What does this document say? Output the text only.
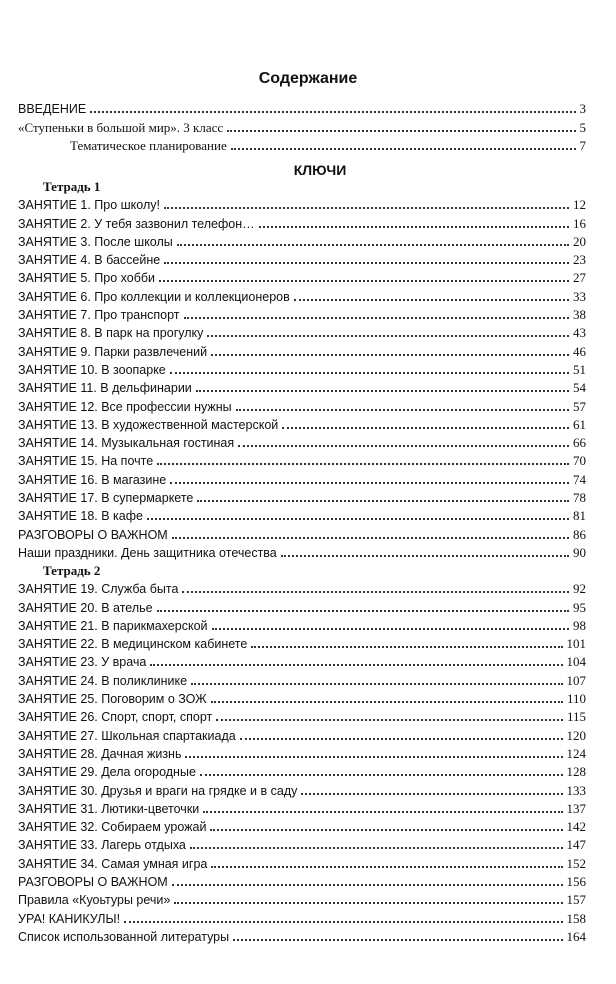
Содержание
ВВЕДЕНИЕ	3
«Ступеньки в большой мир». 3 класс	5
Тематическое планирование	7
КЛЮЧИ
Тетрадь 1
ЗАНЯТИЕ 1. Про школу!	12
ЗАНЯТИЕ 2. У тебя зазвонил телефон…	16
ЗАНЯТИЕ 3. После школы	20
ЗАНЯТИЕ 4. В бассейне	23
ЗАНЯТИЕ 5. Про хобби	27
ЗАНЯТИЕ 6. Про коллекции и коллекционеров	33
ЗАНЯТИЕ 7. Про транспорт	38
ЗАНЯТИЕ 8. В парк на прогулку	43
ЗАНЯТИЕ 9. Парки развлечений	46
ЗАНЯТИЕ 10. В зоопарке	51
ЗАНЯТИЕ 11. В дельфинарии	54
ЗАНЯТИЕ 12. Все профессии нужны	57
ЗАНЯТИЕ 13. В художественной мастерской	61
ЗАНЯТИЕ 14. Музыкальная гостиная	66
ЗАНЯТИЕ 15. На почте	70
ЗАНЯТИЕ 16. В магазине	74
ЗАНЯТИЕ 17. В супермаркете	78
ЗАНЯТИЕ 18. В кафе	81
РАЗГОВОРЫ О ВАЖНОМ	86
Наши праздники. День защитника отечества	90
Тетрадь 2
ЗАНЯТИЕ 19. Служба быта	92
ЗАНЯТИЕ 20. В ателье	95
ЗАНЯТИЕ 21. В парикмахерской	98
ЗАНЯТИЕ 22. В медицинском кабинете	101
ЗАНЯТИЕ 23. У врача	104
ЗАНЯТИЕ 24. В поликлинике	107
ЗАНЯТИЕ 25. Поговорим о ЗОЖ	110
ЗАНЯТИЕ 26. Спорт, спорт, спорт	115
ЗАНЯТИЕ 27. Школьная спартакиада	120
ЗАНЯТИЕ 28. Дачная жизнь	124
ЗАНЯТИЕ 29. Дела огородные	128
ЗАНЯТИЕ 30. Друзья и враги на грядке и в саду	133
ЗАНЯТИЕ 31. Лютики-цветочки	137
ЗАНЯТИЕ 32. Собираем урожай	142
ЗАНЯТИЕ 33. Лагерь отдыха	147
ЗАНЯТИЕ 34. Самая умная игра	152
РАЗГОВОРЫ О ВАЖНОМ	156
Правила «Куоьтуры речи»	157
УРА! КАНИКУЛЫ!	158
Список использованной литературы	164
